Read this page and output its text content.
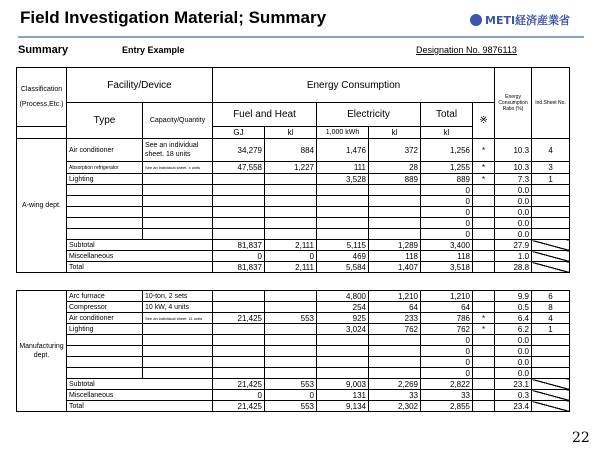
Field Investigation Material; Summary	METI経済産業省
Summary	Entry Example	Designation No. 9876113
Classification
(Process,Etc.)	Facility/Device		Energy Consumption						Energy Consumption Ratio (%)	Ind.Sheet No.
	Type	Capacity/Quantity	Fuel and Heat		Electricity		Total	※		
			GJ	kl	1,000 kWh	kl	kl			
A-wing dept.	Air conditioner	See an individual sheet. 18 units	34,279	884	1,476	372	1,256	*	10.3	4
	Absorption refrigerator	See an individual sheet. x units	47,558	1,227	111	28	1,255	*	10.3	3
	Lighting				3,528	889	889	*	7.3	1
							0		0.0	
							0		0.0	
							0		0.0	
							0		0.0	
							0		0.0	
	Subtotal		81,837	2,111	5,115	1,289	3,400		27.9	
	Miscellaneous		0	0	469	118	118		1.0	
	Total		81,837	2,111	5,584	1,407	3,518		28.8	
Manufacturing dept.	Arc furnace	10-ton, 2 sets			4,800	1,210	1,210		9.9	6
	Compressor	10 kW, 4 units			254	64	64		0.5	8
	Air conditioner	See an individual sheet. 11 units	21,425	553	925	233	786	*	6.4	4
	Lighting				3,024	762	762	*	6.2	1
							0		0.0	
							0		0.0	
							0		0.0	
							0		0.0	
	Subtotal		21,425	553	9,003	2,269	2,822		23.1	
	Miscellaneous		0	0	131	33	33		0.3	
	Total		21,425	553	9,134	2,302	2,855		23.4	
22
